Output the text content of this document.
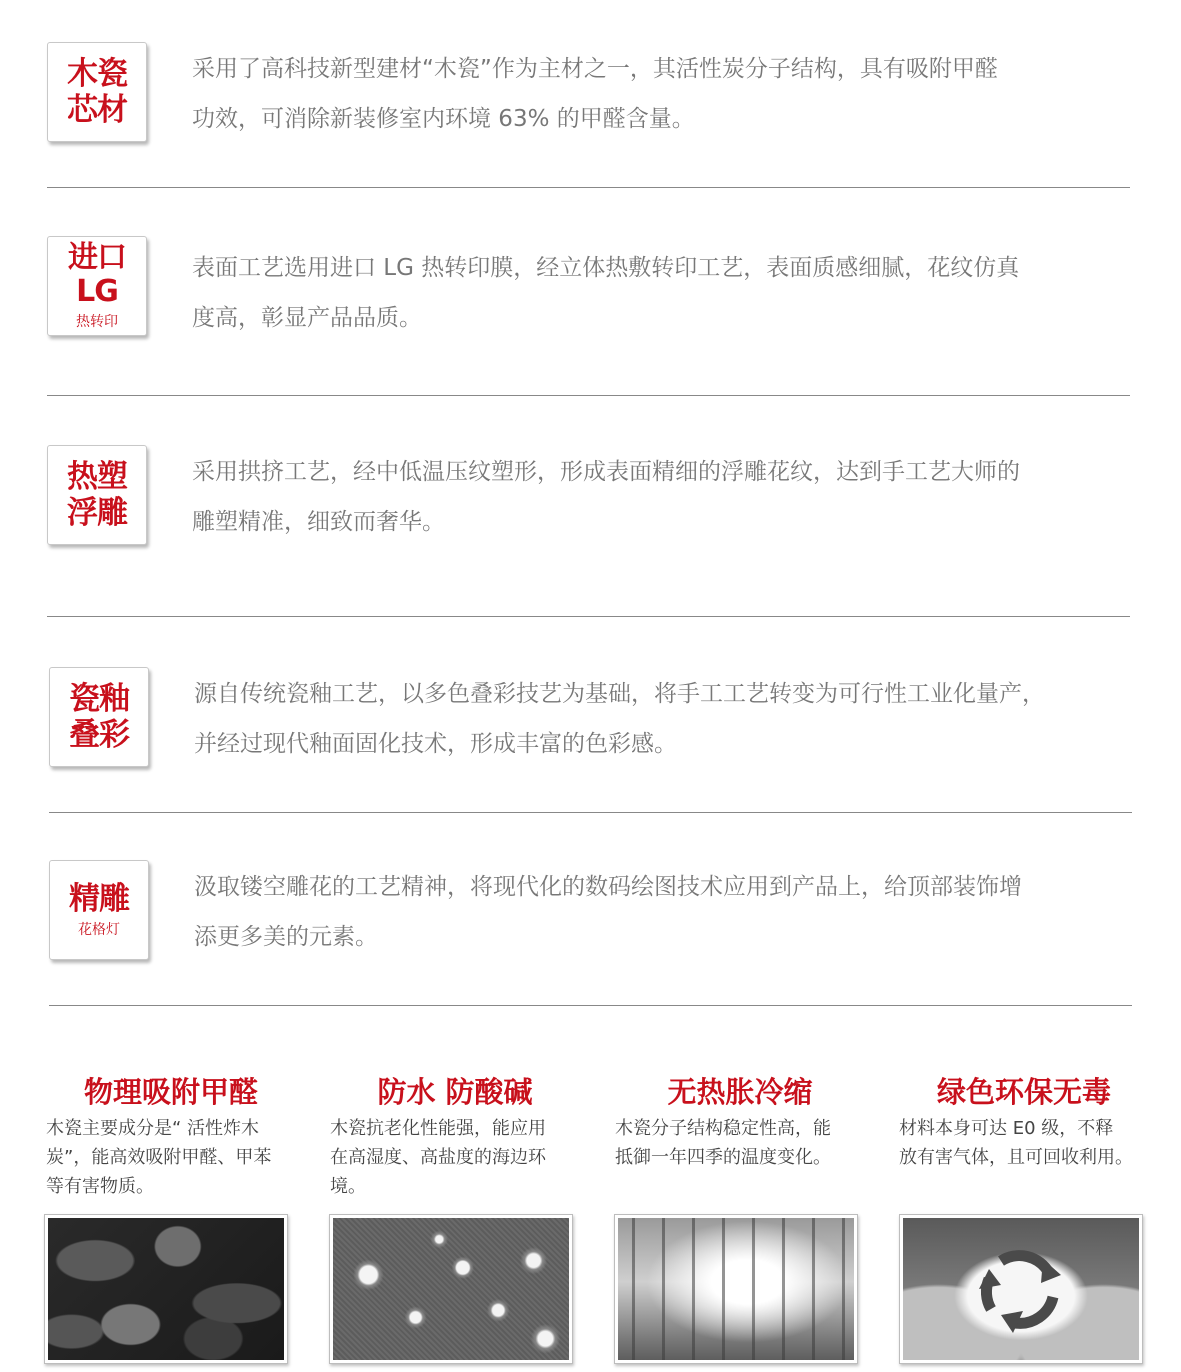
木瓷
芯材
采用了高科技新型建材“木瓷”作为主材之一，其活性炭分子结构，具有吸附甲醛
功效，可消除新装修室内环境 63% 的甲醛含量。
进口LG
热转印
表面工艺选用进口 LG 热转印膜，经立体热敷转印工艺，表面质感细腻，花纹仿真
度高，彰显产品品质。
热塑
浮雕
采用拱挤工艺，经中低温压纹塑形，形成表面精细的浮雕花纹，达到手工艺大师的
雕塑精准，细致而奢华。
瓷釉
叠彩
源自传统瓷釉工艺，以多色叠彩技艺为基础，将手工工艺转变为可行性工业化量产，
并经过现代釉面固化技术，形成丰富的色彩感。
精雕
花格灯
汲取镂空雕花的工艺精神，将现代化的数码绘图技术应用到产品上，给顶部装饰增
添更多美的元素。
物理吸附甲醛
木瓷主要成分是“ 活性炸木
炭”，能高效吸附甲醛、甲苯
等有害物质。
防水 防酸碱
木瓷抗老化性能强，能应用
在高湿度、高盐度的海边环
境。
无热胀冷缩
木瓷分子结构稳定性高，能
抵御一年四季的温度变化。
绿色环保无毒
材料本身可达 E0 级，不释
放有害气体，且可回收利用。
